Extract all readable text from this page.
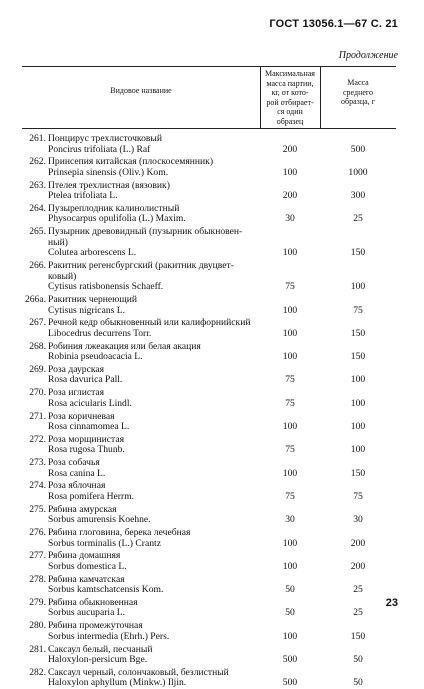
ГОСТ 13056.1—67 С. 21
Продолжение
Видовое название
Максимальная
масса партии,
кг, от кото-
рой отбирает-
ся один
образец
Масса
среднего
образца, г
261. Понцирус трехлисточковый
Poncirus trifoliata (L.) Raf	200	500
262. Принсепия китайская (плоскосемянник)
Prinsepia sinensis (Oliv.) Kom.	100	1000
263. Птелея трехлистная (вязовик)
Ptelea trifoliata L.	200	300
264. Пузыреплодник калинолистный
Physocarpus opulifolia (L.) Maxim.	30	25
265. Пузырник древовидный (пузырник обыкновен-
ный)
Colutea arborescens L.	100	150
266. Ракитник регенсбургский (ракитник двуцвет-
ковый)
Cytisus ratisbonensis Schaeff.	75	100
266а. Ракитник чернеющий
Cytisus nigricans L.	100	75
267. Речной кедр обыкновенный или калифорнийский
Libocedrus decurrens Torr.	100	150
268. Робиния лжеакация или белая акация
Robinia pseudoacacia L.	100	150
269. Роза даурская
Rosa davurica Pall.	75	100
270. Роза иглистая
Rosa acicularis Lindl.	75	100
271. Роза коричневая
Rosa cinnamomea L.	100	100
272. Роза морщинистая
Rosa rugosa Thunb.	75	100
273. Роза собачья
Rosa canina L.	100	150
274. Роза яблочная
Rosa pomifera Herrm.	75	75
275. Рябина амурская
Sorbus amurensis Koehne.	30	30
276. Рябина глоговина, берека лечебная
Sorbus torminalis (L.) Crantz	100	200
277. Рябина домашняя
Sorbus domestica L.	100	200
278. Рябина камчатская
Sorbus kamtschatcensis Kom.	50	25
279. Рябина обыкновенная
Sorbus aucuparia L.	50	25
280. Рябина промежуточная
Sorbus intermedia (Ehrh.) Pers.	100	150
281. Саксаул белый, песчаный
Haloxylon-persicum Bge.	500	50
282. Саксаул черный, солончаковый, безлистный
Haloxylon aphyllum (Minkw.) Iljin.	500	50
23
